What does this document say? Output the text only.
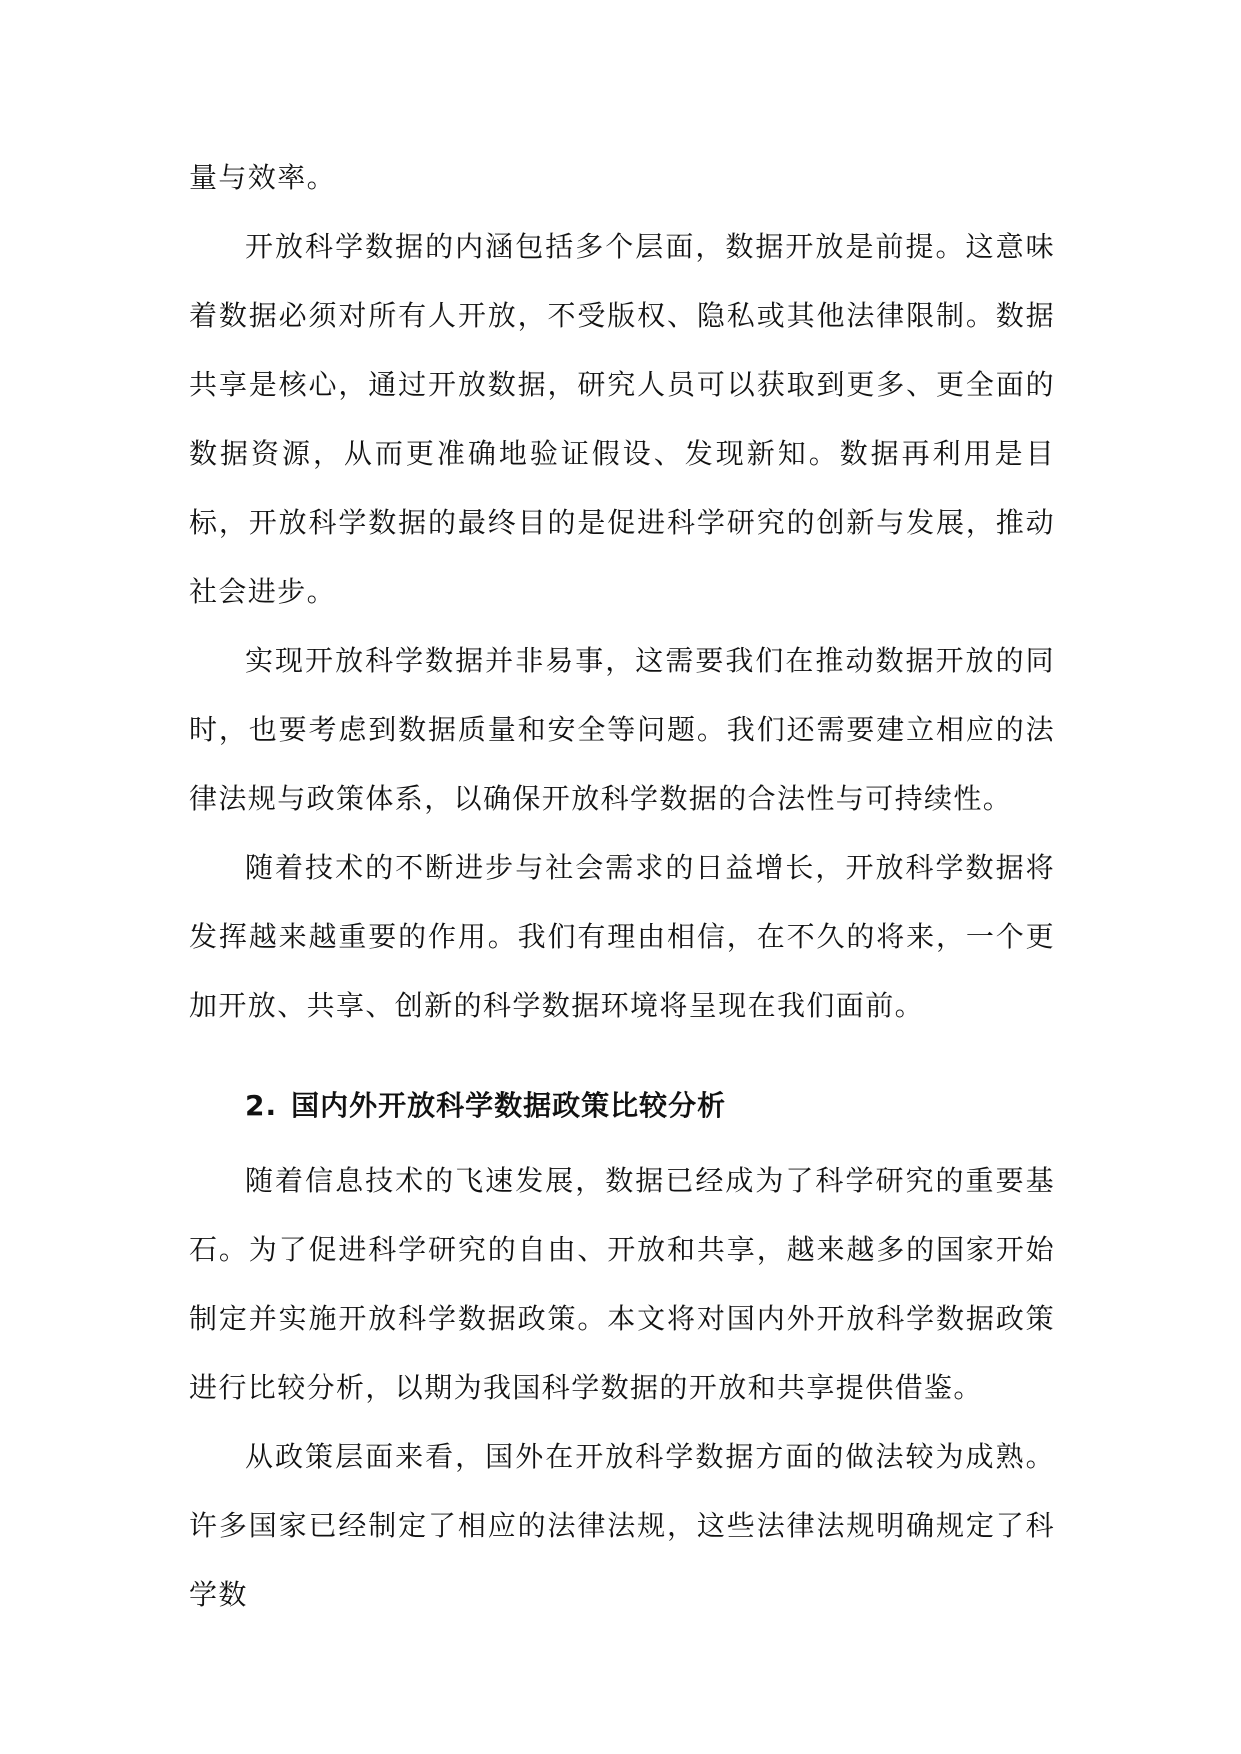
量与效率。

开放科学数据的内涵包括多个层面，数据开放是前提。这意味着数据必须对所有人开放，不受版权、隐私或其他法律限制。数据共享是核心，通过开放数据，研究人员可以获取到更多、更全面的数据资源，从而更准确地验证假设、发现新知。数据再利用是目标，开放科学数据的最终目的是促进科学研究的创新与发展，推动社会进步。

实现开放科学数据并非易事，这需要我们在推动数据开放的同时，也要考虑到数据质量和安全等问题。我们还需要建立相应的法律法规与政策体系，以确保开放科学数据的合法性与可持续性。

随着技术的不断进步与社会需求的日益增长，开放科学数据将发挥越来越重要的作用。我们有理由相信，在不久的将来，一个更加开放、共享、创新的科学数据环境将呈现在我们面前。

2. 国内外开放科学数据政策比较分析

随着信息技术的飞速发展，数据已经成为了科学研究的重要基石。为了促进科学研究的自由、开放和共享，越来越多的国家开始制定并实施开放科学数据政策。本文将对国内外开放科学数据政策进行比较分析，以期为我国科学数据的开放和共享提供借鉴。

从政策层面来看，国外在开放科学数据方面的做法较为成熟。许多国家已经制定了相应的法律法规，这些法律法规明确规定了科学数
